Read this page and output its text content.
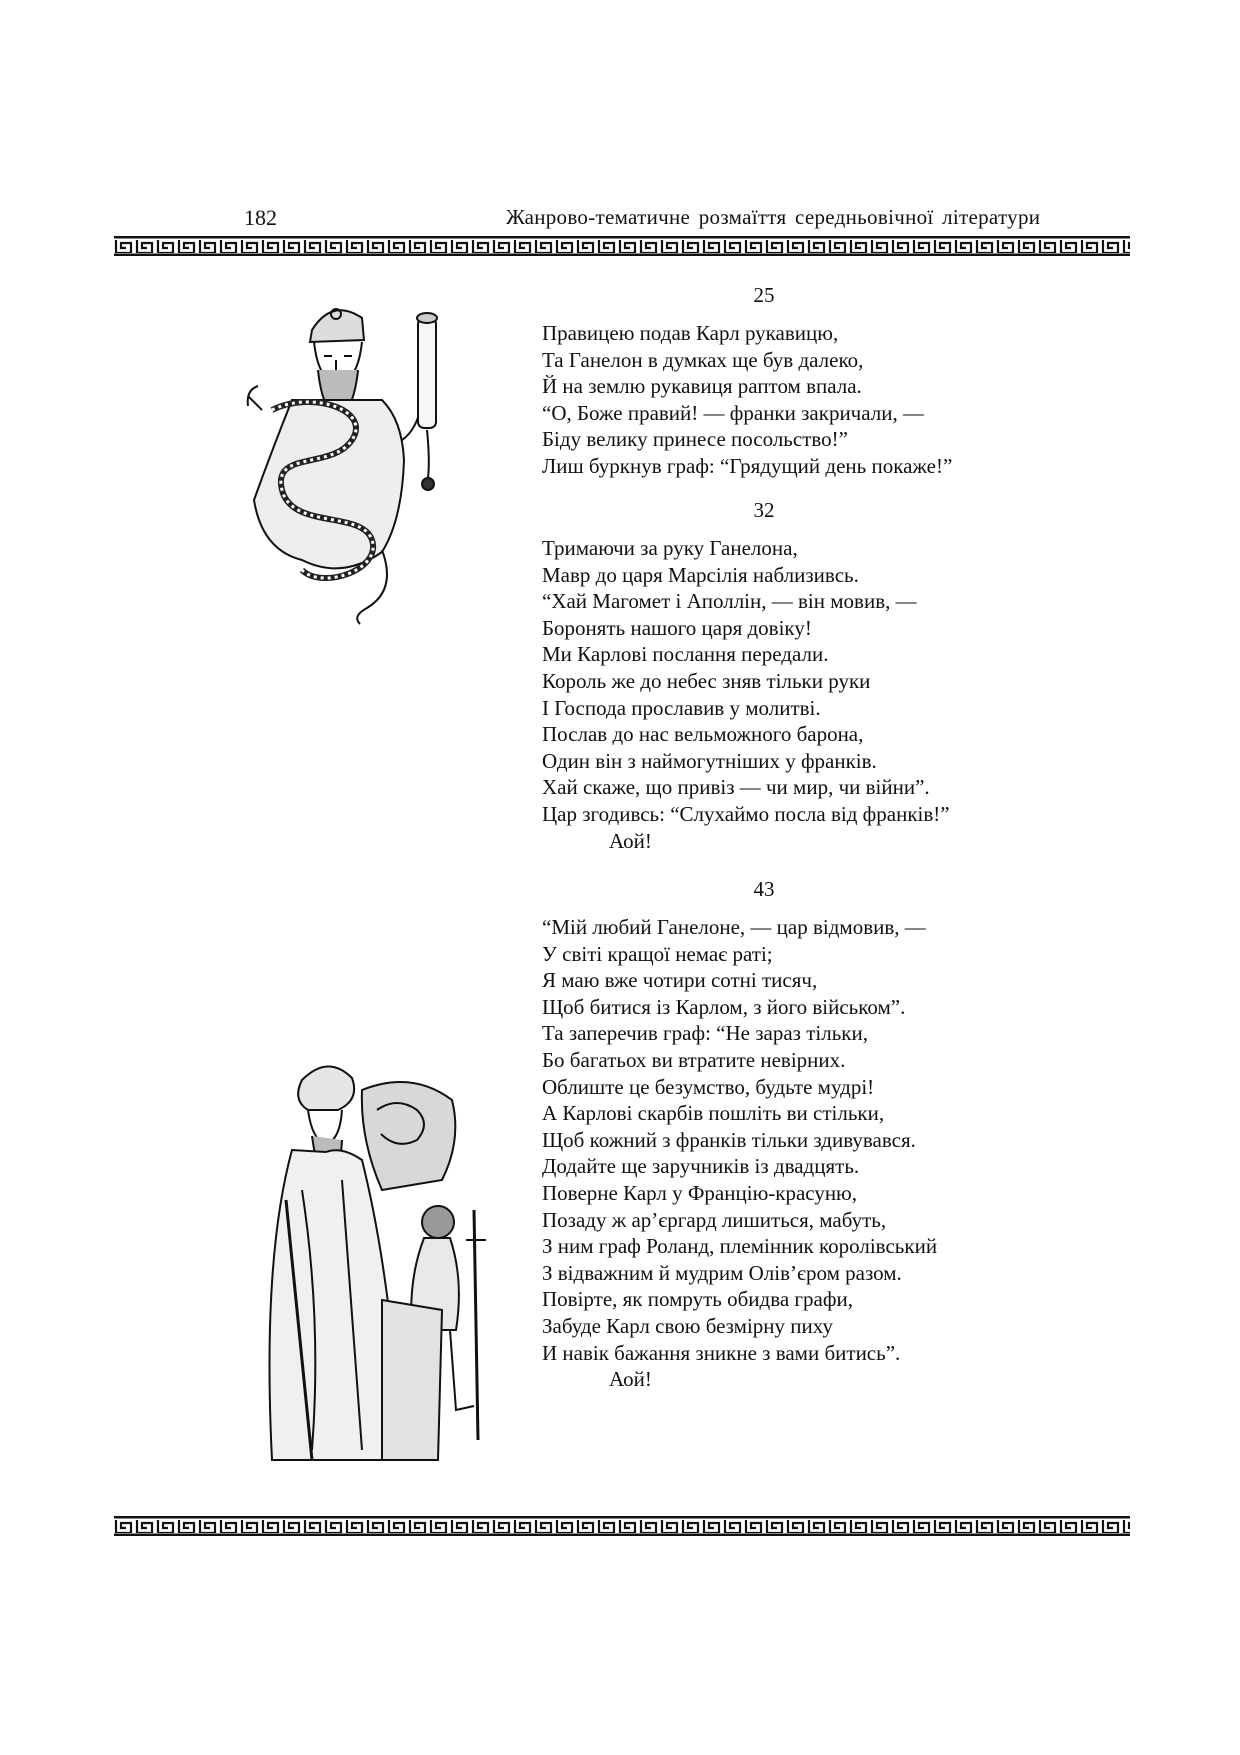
182	Жанрово-тематичне розмаїття середньовічної літератури
25
Правицею подав Карл рукавицю,
Та Ганелон в думках ще був далеко,
Й на землю рукавиця раптом впала.
“О, Боже правий! — франки закричали, —
Біду велику принесе посольство!”
Лиш буркнув граф: “Грядущий день покаже!”
32
Тримаючи за руку Ганелона,
Мавр до царя Марсілія наблизивсь.
“Хай Магомет і Аполлін, — він мовив, —
Боронять нашого царя довіку!
Ми Карлові послання передали.
Король же до небес зняв тільки руки
І Господа прославив у молитві.
Послав до нас вельможного барона,
Один він з наймогутніших у франків.
Хай скаже, що привіз — чи мир, чи війни”.
Цар згодивсь: “Слухаймо посла від франків!”
Аой!
43
“Мій любий Ганелоне, — цар відмовив, —
У світі кращої немає раті;
Я маю вже чотири сотні тисяч,
Щоб битися із Карлом, з його військом”.
Та заперечив граф: “Не зараз тільки,
Бо багатьох ви втратите невірних.
Облиште це безумство, будьте мудрі!
А Карлові скарбів пошліть ви стільки,
Щоб кожний з франків тільки здивувався.
Додайте ще заручників із двадцять.
Поверне Карл у Францію-красуню,
Позаду ж ар’єргард лишиться, мабуть,
З ним граф Роланд, племінник королівський
З відважним й мудрим Олів’єром разом.
Повірте, як помруть обидва графи,
Забуде Карл свою безмірну пиху
И навік бажання зникне з вами битись”.
Аой!
